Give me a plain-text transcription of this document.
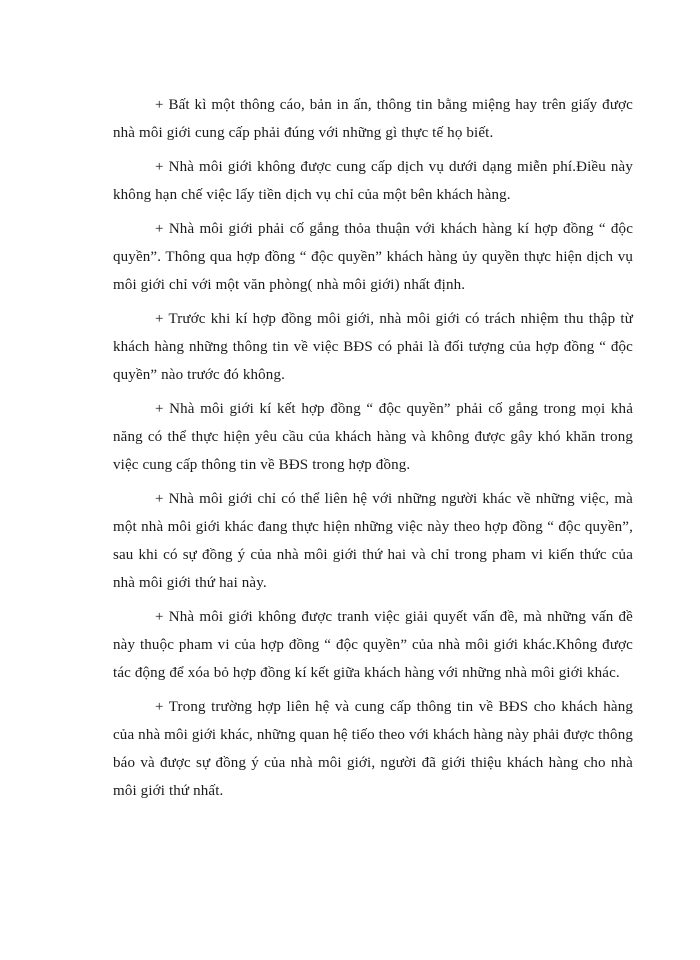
+ Bất kì một thông cáo, bản in ấn, thông tin bằng miệng hay trên giấy được nhà môi giới cung cấp phải đúng với những gì thực tế họ biết.

+ Nhà môi giới không được cung cấp dịch vụ dưới dạng miễn phí.Điều này không hạn chế việc lấy tiền dịch vụ chỉ của một bên khách hàng.

+ Nhà môi giới phải cố gắng thỏa thuận với khách hàng kí hợp đồng “ độc quyền”. Thông qua hợp đồng “ độc quyền” khách hàng ủy quyền thực hiện dịch vụ môi giới chỉ với một văn phòng( nhà môi giới) nhất định.

+ Trước khi kí hợp đồng môi giới, nhà môi giới có trách nhiệm thu thập từ khách hàng những thông tin về việc BĐS có phải là đối tượng của hợp đồng “ độc quyền” nào trước đó không.

+ Nhà môi giới kí kết hợp đồng “ độc quyền” phải cố gắng trong mọi khả năng có thể thực hiện yêu cầu của khách hàng và không được gây khó khăn trong việc cung cấp thông tin về BĐS trong hợp đồng.

+ Nhà môi giới chỉ có thể liên hệ với những người khác về những việc, mà một nhà môi giới khác đang thực hiện những việc này theo hợp đồng “ độc quyền”, sau khi có sự đồng ý của nhà môi giới thứ hai và chỉ trong pham vi kiến thức của nhà môi giới thứ hai này.

+ Nhà môi giới không được tranh việc giải quyết vấn đề, mà những vấn đề này thuộc pham vi của hợp đồng “ độc quyền” của nhà môi giới khác.Không được tác động để xóa bỏ hợp đồng kí kết giữa khách hàng với những nhà môi giới khác.

+ Trong trường hợp liên hệ và cung cấp thông tin về BĐS cho khách hàng của nhà môi giới khác, những quan hệ tiếo theo với khách hàng này phải được thông báo và được sự đồng ý của nhà môi giới, người đã giới thiệu khách hàng cho nhà môi giới thứ nhất.
